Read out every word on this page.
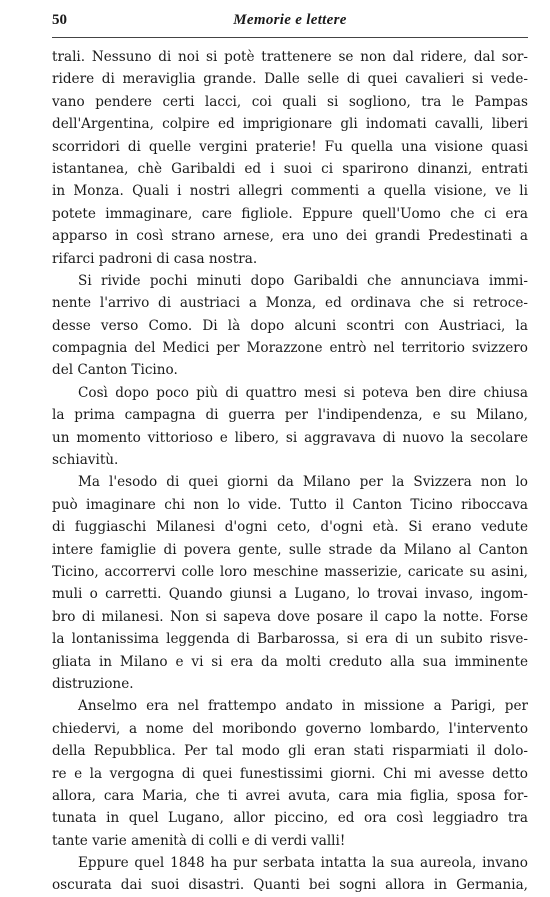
50	Memorie e lettere
trali. Nessuno di noi si potè trattenere se non dal ridere, dal sor-
ridere di meraviglia grande. Dalle selle di quei cavalieri si vede-
vano pendere certi lacci, coi quali si sogliono, tra le Pampas
dell'Argentina, colpire ed imprigionare gli indomati cavalli, liberi
scorridori di quelle vergini praterie! Fu quella una visione quasi
istantanea, chè Garibaldi ed i suoi ci sparirono dinanzi, entrati
in Monza. Quali i nostri allegri commenti a quella visione, ve li
potete immaginare, care figliole. Eppure quell'Uomo che ci era
apparso in così strano arnese, era uno dei grandi Predestinati a
rifarci padroni di casa nostra.
Si rivide pochi minuti dopo Garibaldi che annunciava immi-
nente l'arrivo di austriaci a Monza, ed ordinava che si retroce-
desse verso Como. Di là dopo alcuni scontri con Austriaci, la
compagnia del Medici per Morazzone entrò nel territorio svizzero
del Canton Ticino.
Così dopo poco più di quattro mesi si poteva ben dire chiusa
la prima campagna di guerra per l'indipendenza, e su Milano,
un momento vittorioso e libero, si aggravava di nuovo la secolare
schiavitù.
Ma l'esodo di quei giorni da Milano per la Svizzera non lo
può imaginare chi non lo vide. Tutto il Canton Ticino riboccava
di fuggiaschi Milanesi d'ogni ceto, d'ogni età. Si erano vedute
intere famiglie di povera gente, sulle strade da Milano al Canton
Ticino, accorrervi colle loro meschine masserizie, caricate su asini,
muli o carretti. Quando giunsi a Lugano, lo trovai invaso, ingom-
bro di milanesi. Non si sapeva dove posare il capo la notte. Forse
la lontanissima leggenda di Barbarossa, si era di un subito risve-
gliata in Milano e vi si era da molti creduto alla sua imminente
distruzione.
Anselmo era nel frattempo andato in missione a Parigi, per
chiedervi, a nome del moribondo governo lombardo, l'intervento
della Repubblica. Per tal modo gli eran stati risparmiati il dolo-
re e la vergogna di quei funestissimi giorni. Chi mi avesse detto
allora, cara Maria, che ti avrei avuta, cara mia figlia, sposa for-
tunata in quel Lugano, allor piccino, ed ora così leggiadro tra
tante varie amenità di colli e di verdi valli!
Eppure quel 1848 ha pur serbata intatta la sua aureola, invano
oscurata dai suoi disastri. Quanti bei sogni allora in Germania,
